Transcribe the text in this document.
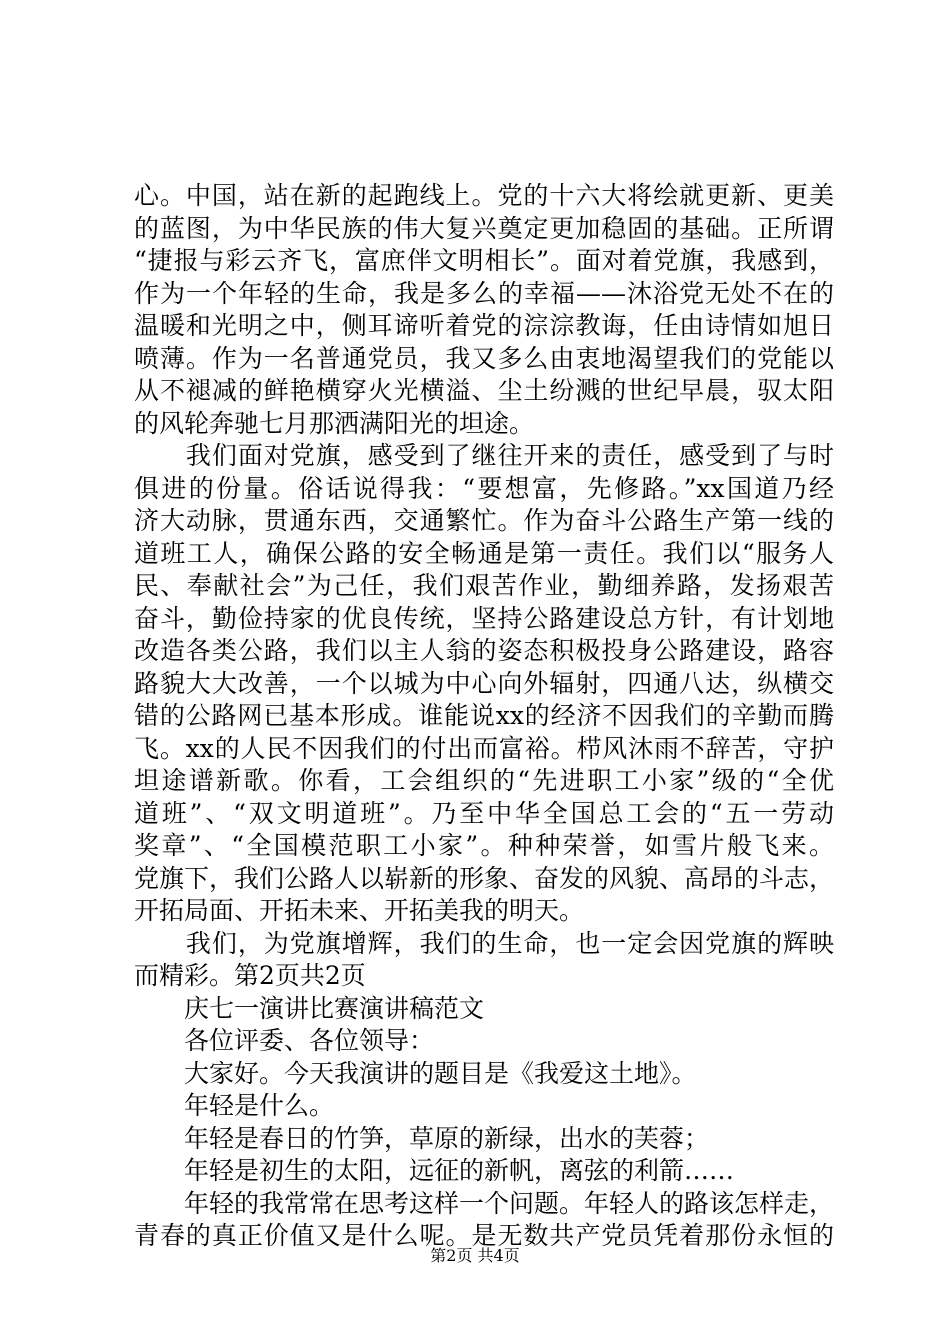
心。中国，站在新的起跑线上。党的十六大将绘就更新、更美
的蓝图，为中华民族的伟大复兴奠定更加稳固的基础。正所谓
“捷报与彩云齐飞，富庶伴文明相长”。面对着党旗，我感到，
作为一个年轻的生命，我是多么的幸福——沐浴党无处不在的
温暖和光明之中，侧耳谛听着党的淙淙教诲，任由诗情如旭日
喷薄。作为一名普通党员，我又多么由衷地渴望我们的党能以
从不褪减的鲜艳横穿火光横溢、尘土纷溅的世纪早晨，驭太阳
的风轮奔驰七月那洒满阳光的坦途。
　　我们面对党旗，感受到了继往开来的责任，感受到了与时
俱进的份量。俗话说得我：“要想富，先修路。”xx国道乃经
济大动脉，贯通东西，交通繁忙。作为奋斗公路生产第一线的
道班工人，确保公路的安全畅通是第一责任。我们以“服务人
民、奉献社会”为己任，我们艰苦作业，勤细养路，发扬艰苦
奋斗，勤俭持家的优良传统，坚持公路建设总方针，有计划地
改造各类公路，我们以主人翁的姿态积极投身公路建设，路容
路貌大大改善，一个以城为中心向外辐射，四通八达，纵横交
错的公路网已基本形成。谁能说xx的经济不因我们的辛勤而腾
飞。xx的人民不因我们的付出而富裕。栉风沐雨不辞苦，守护
坦途谱新歌。你看，工会组织的“先进职工小家”级的“全优
道班”、“双文明道班”。乃至中华全国总工会的“五一劳动
奖章”、“全国模范职工小家”。种种荣誉，如雪片般飞来。
党旗下，我们公路人以崭新的形象、奋发的风貌、高昂的斗志，
开拓局面、开拓未来、开拓美我的明天。
　　我们，为党旗增辉，我们的生命，也一定会因党旗的辉映
而精彩。第2页共2页
　　庆七一演讲比赛演讲稿范文
　　各位评委、各位领导：
　　大家好。今天我演讲的题目是《我爱这土地》。
　　年轻是什么。
　　年轻是春日的竹笋，草原的新绿，出水的芙蓉；
　　年轻是初生的太阳，远征的新帆，离弦的利箭……
　　年轻的我常常在思考这样一个问题。年轻人的路该怎样走，
青春的真正价值又是什么呢。是无数共产党员凭着那份永恒的
第2页 共4页
